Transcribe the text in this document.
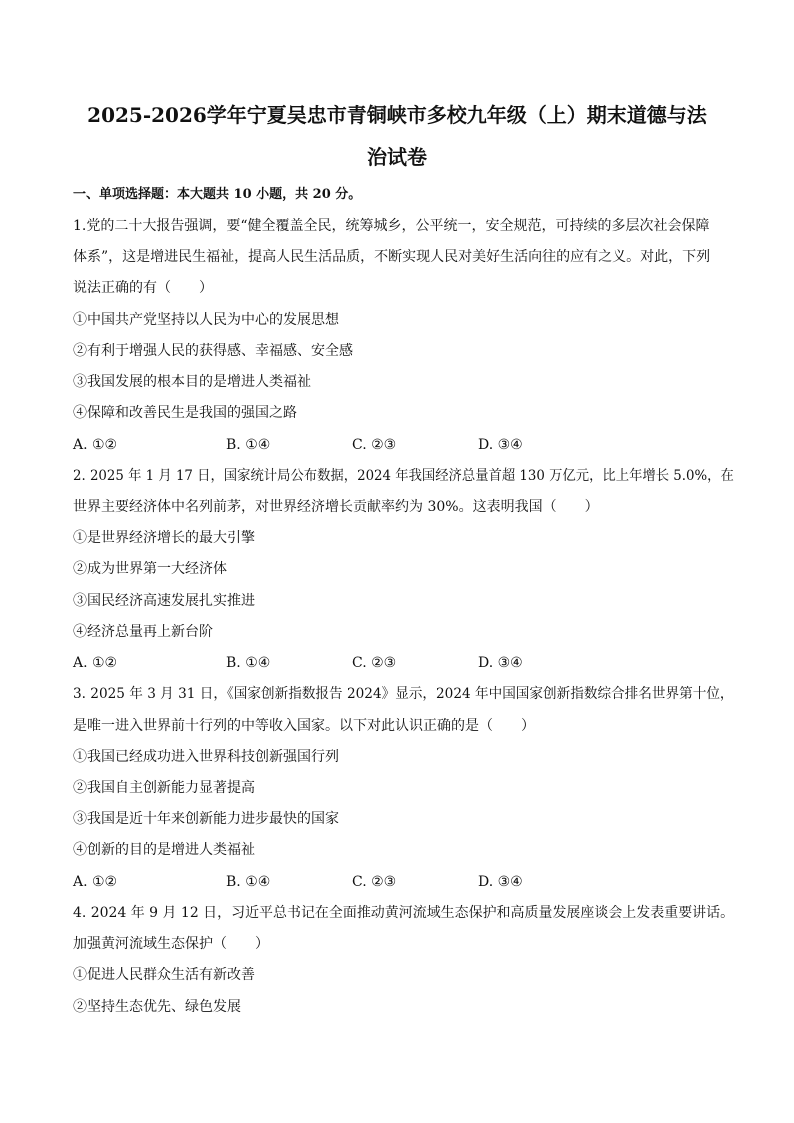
2025-2026学年宁夏吴忠市青铜峡市多校九年级（上）期末道德与法
治试卷
一、单项选择题：本大题共 10 小题，共 20 分。
1.党的二十大报告强调，要“健全覆盖全民，统筹城乡，公平统一，安全规范，可持续的多层次社会保障
体系”，这是增进民生福祉，提高人民生活品质，不断实现人民对美好生活向往的应有之义。对此，下列
说法正确的有（　　）
①中国共产党坚持以人民为中心的发展思想
②有利于增强人民的获得感、幸福感、安全感
③我国发展的根本目的是增进人类福祉
④保障和改善民生是我国的强国之路
A. ①②	B. ①④	C. ②③	D. ③④
2. 2025 年 1 月 17 日，国家统计局公布数据，2024 年我国经济总量首超 130 万亿元，比上年增长 5.0%，在
世界主要经济体中名列前茅，对世界经济增长贡献率约为 30%。这表明我国（　　）
①是世界经济增长的最大引擎
②成为世界第一大经济体
③国民经济高速发展扎实推进
④经济总量再上新台阶
A. ①②	B. ①④	C. ②③	D. ③④
3. 2025 年 3 月 31 日，《国家创新指数报告 2024》显示，2024 年中国国家创新指数综合排名世界第十位，
是唯一进入世界前十行列的中等收入国家。以下对此认识正确的是（　　）
①我国已经成功进入世界科技创新强国行列
②我国自主创新能力显著提高
③我国是近十年来创新能力进步最快的国家
④创新的目的是增进人类福祉
A. ①②	B. ①④	C. ②③	D. ③④
4. 2024 年 9 月 12 日，习近平总书记在全面推动黄河流域生态保护和高质量发展座谈会上发表重要讲话。
加强黄河流域生态保护（　　）
①促进人民群众生活有新改善
②坚持生态优先、绿色发展
